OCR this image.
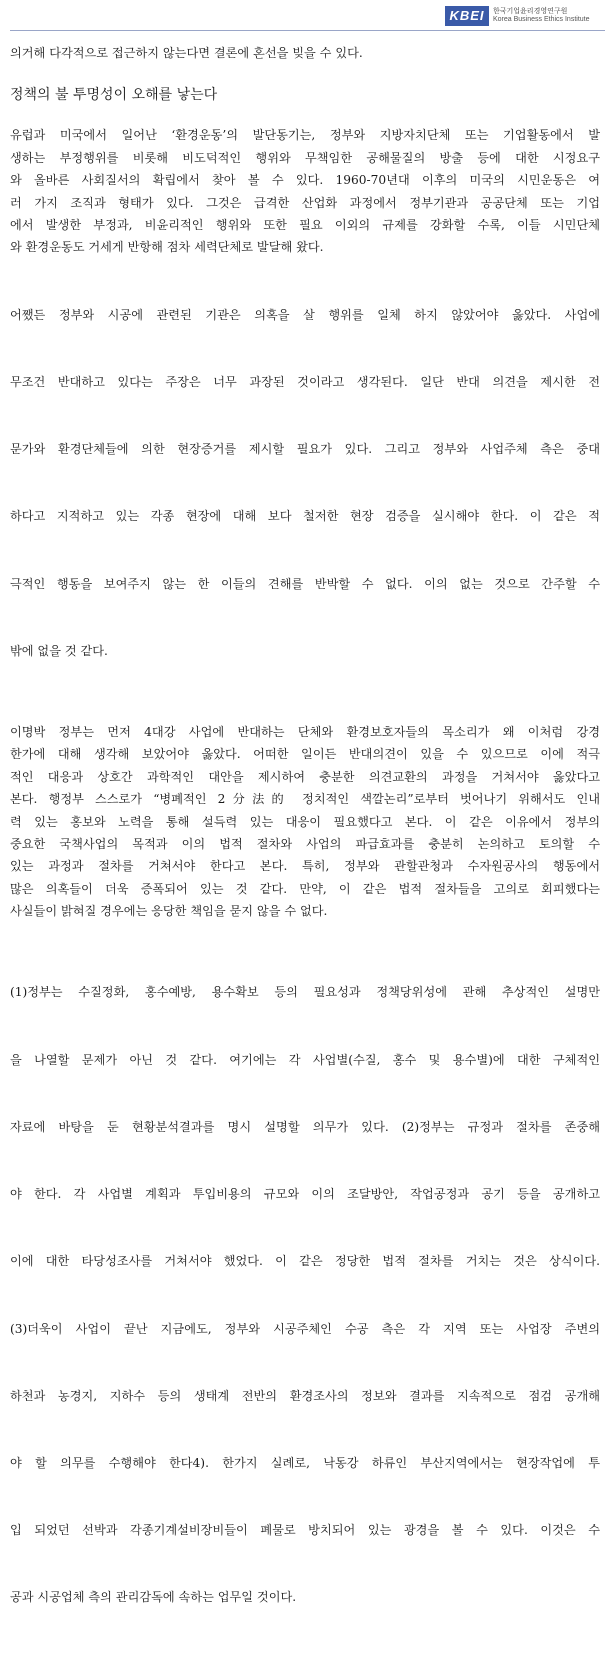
KBEI	한국기업윤리경영연구원
Korea Business Ethics Institute

의거해 다각적으로 접근하지 않는다면 결론에 혼선을 빚을 수 있다.

정책의 불 투명성이 오해를 낳는다

유럽과 미국에서 일어난 ‘환경운동’의 발단동기는, 정부와 지방자치단체 또는 기업활동에서 발
생하는 부정행위를 비롯해 비도덕적인 행위와 무책임한 공해물질의 방출 등에 대한 시정요구
와 올바른 사회질서의 확립에서 찾아 볼 수 있다. 1960-70년대 이후의 미국의 시민운동은 여
러 가지 조직과 형태가 있다. 그것은 급격한 산업화 과정에서 정부기관과 공공단체 또는 기업
에서 발생한 부정과, 비윤리적인 행위와 또한 필요 이외의 규제를 강화할 수록, 이들 시민단체
와 환경운동도 거세게 반항해 점차 세력단체로 발달해 왔다.

어쨌든 정부와 시공에 관련된 기관은 의혹을 살 행위를 일체 하지 않았어야 옳았다. 사업에

무조건 반대하고 있다는 주장은 너무 과장된 것이라고 생각된다. 일단 반대 의견을 제시한 전

문가와 환경단체들에 의한 현장증거를 제시할 필요가 있다. 그리고 정부와 사업주체 측은 중대

하다고 지적하고 있는 각종 현장에 대해 보다 철저한 현장 검증을 실시해야 한다. 이 같은 적

극적인 행동을 보여주지 않는 한 이들의 견해를 반박할 수 없다. 이의 없는 것으로 간주할 수

밖에 없을 것 같다.

이명박 정부는 먼저 4대강 사업에 반대하는 단체와 환경보호자들의 목소리가 왜 이처럼 강경
한가에 대해 생각해 보았어야 옳았다. 어떠한 일이든 반대의견이 있을 수 있으므로 이에 적극
적인 대응과 상호간 과학적인 대안을 제시하여 충분한 의견교환의 과정을 거쳐서야 옳았다고
본다. 행정부 스스로가 “병폐적인 2分法的 정치적인 색깔논리”로부터 벗어나기 위해서도 인내
력 있는 홍보와 노력을 통해 설득력 있는 대응이 필요했다고 본다. 이 같은 이유에서 정부의
중요한 국책사업의 목적과 이의 법적 절차와 사업의 파급효과를 충분히 논의하고 토의할 수
있는 과정과 절차를 거쳐서야 한다고 본다. 특히, 정부와 관할관청과 수자원공사의 행동에서
많은 의혹들이 더욱 증폭되어 있는 것 같다. 만약, 이 같은 법적 절차들을 고의로 회피했다는
사실들이 밝혀질 경우에는 응당한 책임을 묻지 않을 수 없다.

(1)정부는 수질정화, 홍수예방, 용수확보 등의 필요성과 정책당위성에 관해 추상적인 설명만

을 나열할 문제가 아닌 것 같다. 여기에는 각 사업별(수질, 홍수 및 용수별)에 대한 구체적인

자료에 바탕을 둔 현황분석결과를 명시 설명할 의무가 있다. (2)정부는 규정과 절차를 존중해

야 한다. 각 사업별 계획과 투입비용의 규모와 이의 조달방안, 작업공정과 공기 등을 공개하고

이에 대한 타당성조사를 거쳐서야 했었다. 이 같은 정당한 법적 절차를 거치는 것은 상식이다.

(3)더욱이 사업이 끝난 지금에도, 정부와 시공주체인 수공 측은 각 지역 또는 사업장 주변의

하천과 농경지, 지하수 등의 생태계 전반의 환경조사의 정보와 결과를 지속적으로 점검 공개해

야 할 의무를 수행해야 한다4). 한가지 실례로, 낙동강 하류인 부산지역에서는 현장작업에 투

입 되었던 선박과 각종기계설비장비들이 폐물로 방치되어 있는 광경을 볼 수 있다. 이것은 수

공과 시공업체 측의 관리감독에 속하는 업무일 것이다.
